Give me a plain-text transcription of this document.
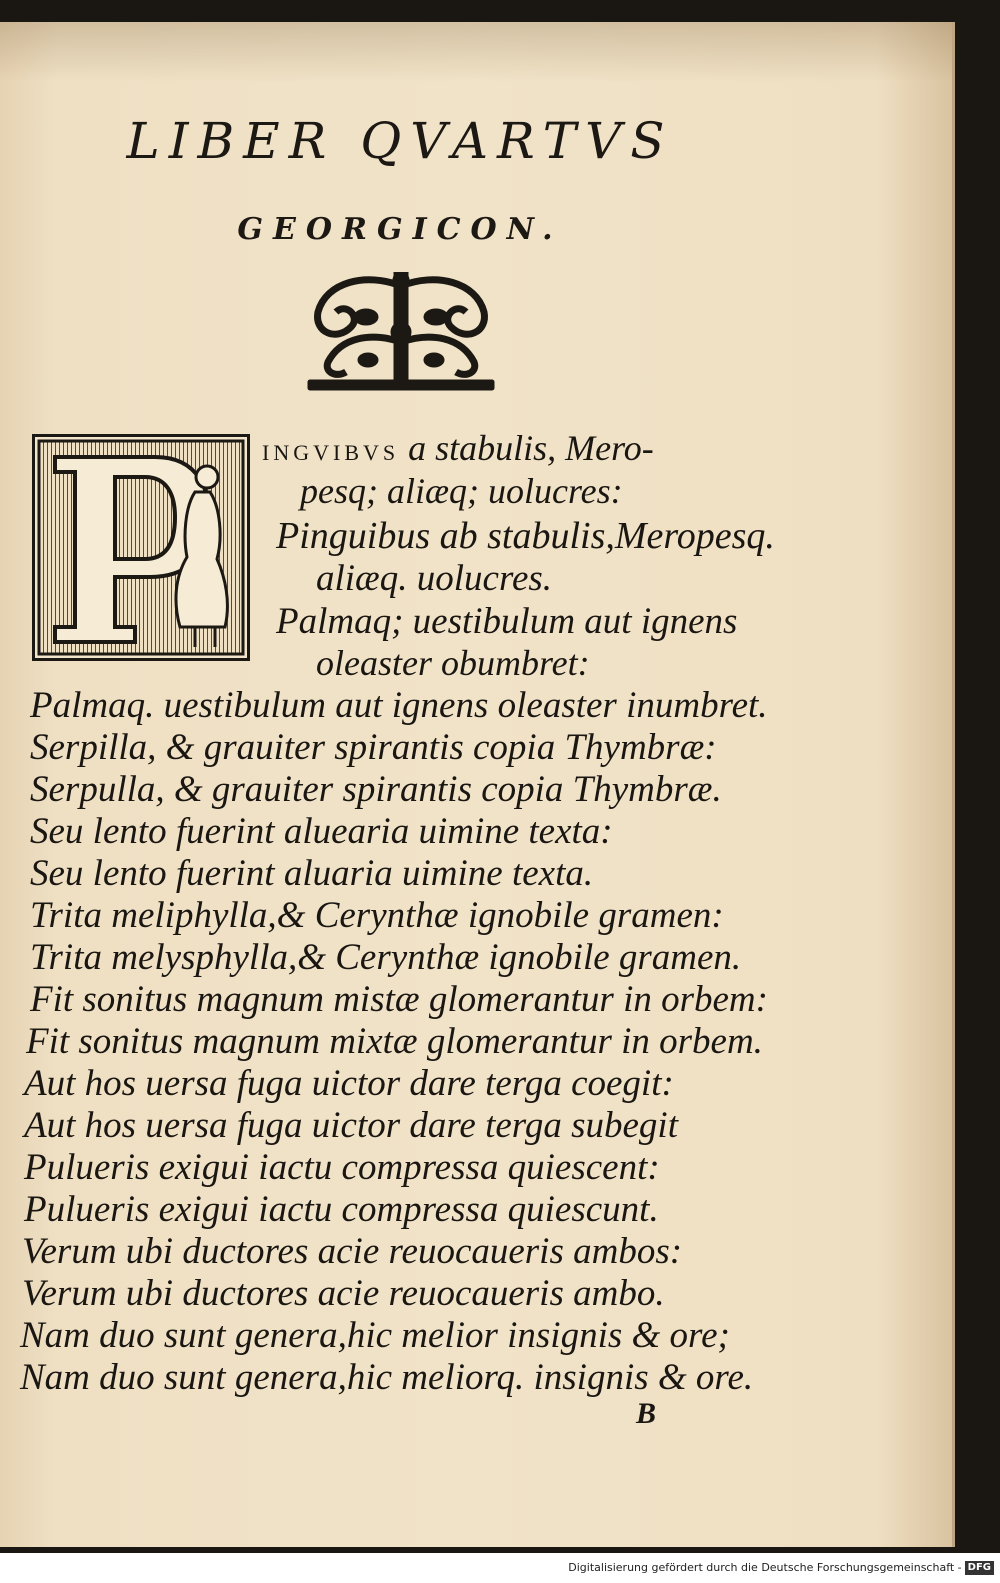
LIBER QVARTVS
GEORGICON.
INGVIBVS a stabulis, Mero-
pesq; aliæq; uolucres:
Pinguibus ab stabulis,Meropesq.
aliæq. uolucres.
Palmaq; uestibulum aut ignens
oleaster obumbret:
Palmaq. uestibulum aut ignens oleaster inumbret.
Serpilla, & grauiter spirantis copia Thymbræ:
Serpulla, & grauiter spirantis copia Thymbræ.
Seu lento fuerint aluearia uimine texta:
Seu lento fuerint aluaria uimine texta.
Trita meliphylla,& Cerynthæ ignobile gramen:
Trita melysphylla,& Cerynthæ ignobile gramen.
Fit sonitus magnum mistæ glomerantur in orbem:
Fit sonitus magnum mixtæ glomerantur in orbem.
Aut hos uersa fuga uictor dare terga coegit:
Aut hos uersa fuga uictor dare terga subegit
Pulueris exigui iactu compressa quiescent:
Pulueris exigui iactu compressa quiescunt.
Verum ubi ductores acie reuocaueris ambos:
Verum ubi ductores acie reuocaueris ambo.
Nam duo sunt genera,hic melior insignis & ore;
Nam duo sunt genera,hic meliorq. insignis & ore.
B
Digitalisierung gefördert durch die Deutsche Forschungsgemeinschaft - DFG
